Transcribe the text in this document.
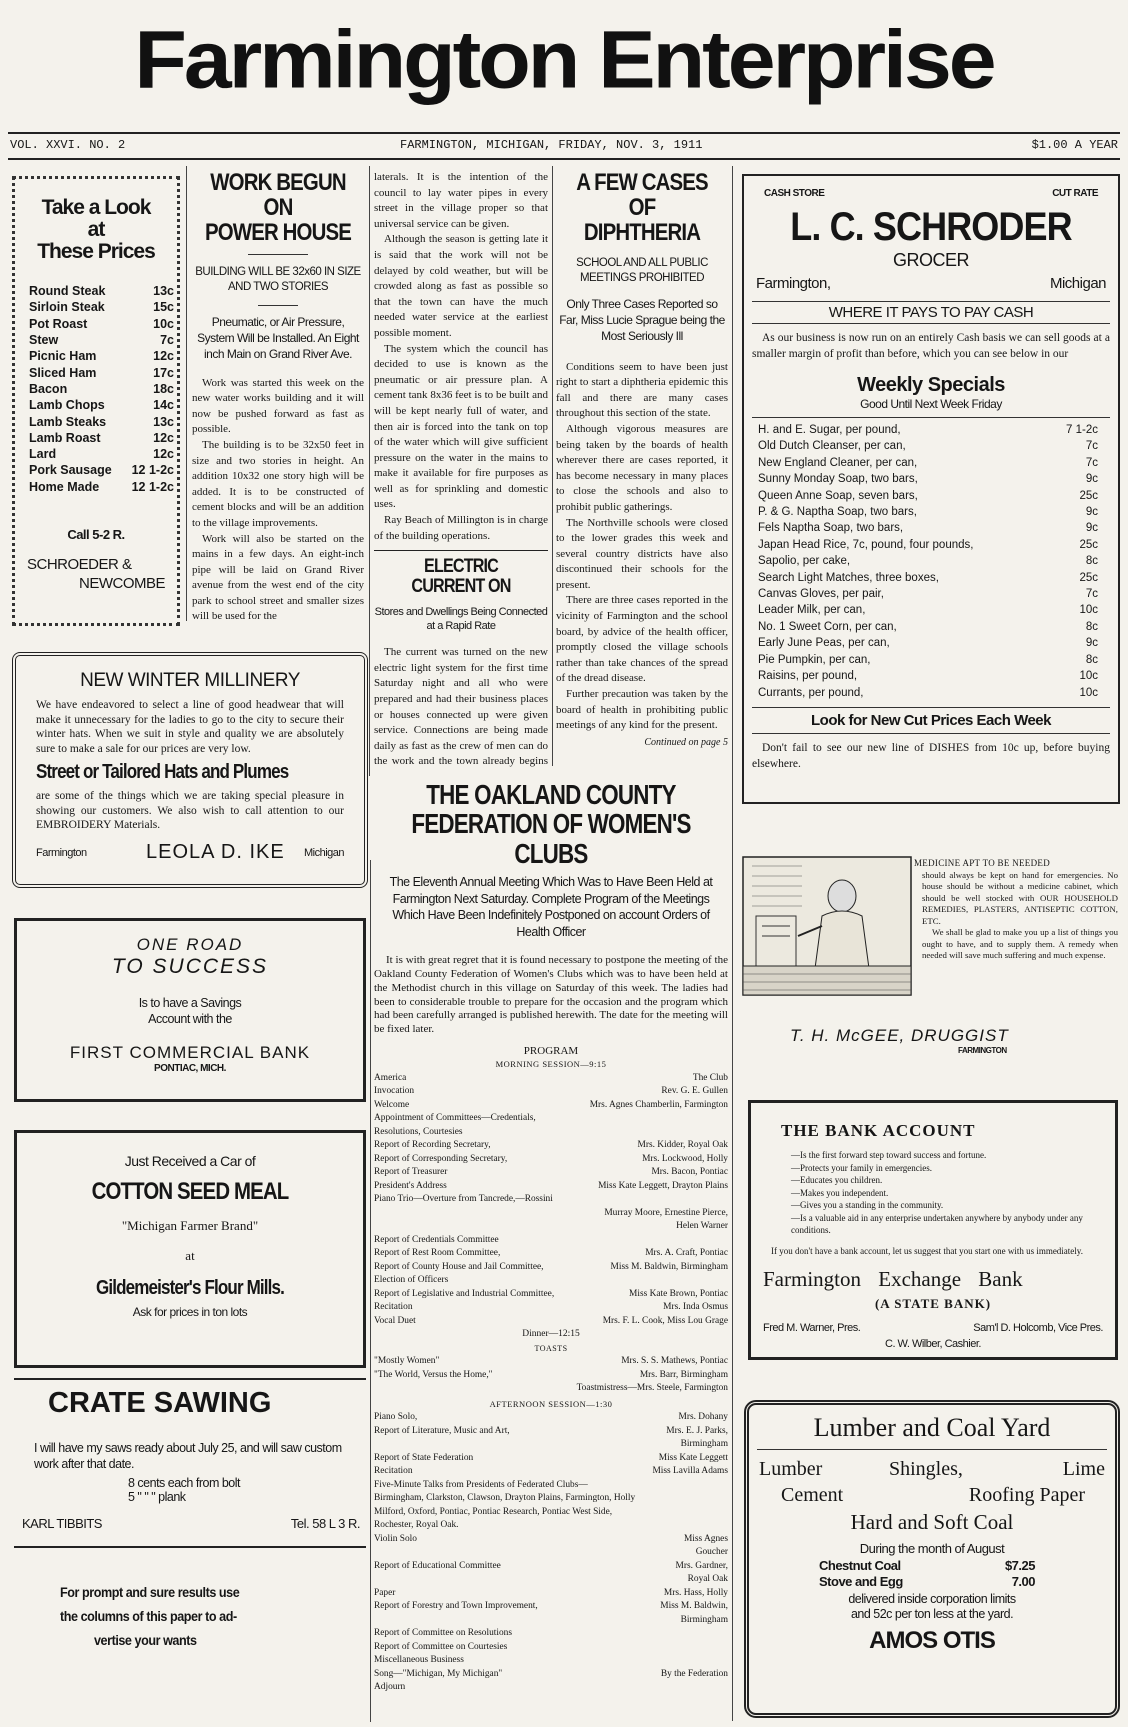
Farmington Enterprise
VOL. XXVI. NO. 2	FARMINGTON, MICHIGAN, FRIDAY, NOV. 3, 1911	$1.00 A YEAR
Take a Look
at
These Prices
Round Steak	13c
Sirloin Steak	15c
Pot Roast	10c
Stew	7c
Picnic Ham	12c
Sliced Ham	17c
Bacon	18c
Lamb Chops	14c
Lamb Steaks	13c
Lamb Roast	12c
Lard	12c
Pork Sausage	12 1-2c
Home Made	12 1-2c
Call 5-2 R.
SCHROEDER &
NEWCOMBE
WORK BEGUN ON
POWER HOUSE
BUILDING WILL BE 32x60 IN SIZE AND TWO STORIES
Pneumatic, or Air Pressure, System Will be Installed. An Eight inch Main on Grand River Ave.
Work was started this week on the new water works building and it will now be pushed forward as fast as possible.
The building is to be 32x50 feet in size and two stories in height. An addition 10x32 one story high will be added. It is to be constructed of cement blocks and will be an addition to the village improvements.
Work will also be started on the mains in a few days. An eight-inch pipe will be laid on Grand River avenue from the west end of the city park to school street and smaller sizes will be used for the
laterals. It is the intention of the council to lay water pipes in every street in the village proper so that universal service can be given.
Although the season is getting late it is said that the work will not be delayed by cold weather, but will be crowded along as fast as possible so that the town can have the much needed water service at the earliest possible moment.
The system which the council has decided to use is known as the pneumatic or air pressure plan. A cement tank 8x36 feet is to be built and will be kept nearly full of water, and then air is forced into the tank on top of the water which will give sufficient pressure on the water in the mains to make it available for fire purposes as well as for sprinkling and domestic uses.
Ray Beach of Millington is in charge of the building operations.
ELECTRIC CURRENT ON
Stores and Dwellings Being Connected at a Rapid Rate
The current was turned on the new electric light system for the first time Saturday night and all who were prepared and had their business places or houses connected up were given service. Connections are being made daily as fast as the crew of men can do the work and the town already begins
A FEW CASES
OF DIPHTHERIA
SCHOOL AND ALL PUBLIC MEETINGS PROHIBITED
Only Three Cases Reported so Far, Miss Lucie Sprague being the Most Seriously Ill
Conditions seem to have been just right to start a diphtheria epidemic this fall and there are many cases throughout this section of the state.
Although vigorous measures are being taken by the boards of health wherever there are cases reported, it has become necessary in many places to close the schools and also to prohibit public gatherings.
The Northville schools were closed to the lower grades this week and several country districts have also discontinued their schools for the present.
There are three cases reported in the vicinity of Farmington and the school board, by advice of the health officer, promptly closed the village schools rather than take chances of the spread of the dread disease.
Further precaution was taken by the board of health in prohibiting public meetings of any kind for the present.
Continued on page 5
CASH STORE	CUT RATE
L. C. SCHRODER
GROCER
Farmington,	Michigan
WHERE IT PAYS TO PAY CASH
As our business is now run on an entirely Cash basis we can sell goods at a smaller margin of profit than before, which you can see below in our
Weekly Specials
Good Until Next Week Friday
H. and E. Sugar, per pound,	7 1-2c
Old Dutch Cleanser, per can,	7c
New England Cleaner, per can,	7c
Sunny Monday Soap, two bars,	9c
Queen Anne Soap, seven bars,	25c
P. & G. Naptha Soap, two bars,	9c
Fels Naptha Soap, two bars,	9c
Japan Head Rice, 7c, pound, four pounds,	25c
Sapolio, per cake,	8c
Search Light Matches, three boxes,	25c
Canvas Gloves, per pair,	7c
Leader Milk, per can,	10c
No. 1 Sweet Corn, per can,	8c
Early June Peas, per can,	9c
Pie Pumpkin, per can,	8c
Raisins, per pound,	10c
Currants, per pound,	10c
Look for New Cut Prices Each Week
Don't fail to see our new line of DISHES from 10c up, before buying elsewhere.
NEW WINTER MILLINERY
We have endeavored to select a line of good headwear that will make it unnecessary for the ladies to go to the city to secure their winter hats. When we suit in style and quality we are absolutely sure to make a sale for our prices are very low.
Street or Tailored Hats and Plumes
are some of the things which we are taking special pleasure in showing our customers. We also wish to call attention to our EMBROIDERY Materials.
Farmington	LEOLA D. IKE Michigan
THE OAKLAND COUNTY
FEDERATION OF WOMEN'S CLUBS
The Eleventh Annual Meeting Which Was to Have Been Held at Farmington Next Saturday. Complete Program of the Meetings Which Have Been Indefinitely Postponed on account Orders of Health Officer
It is with great regret that it is found necessary to postpone the meeting of the Oakland County Federation of Women's Clubs which was to have been held at the Methodist church in this village on Saturday of this week. The ladies had been to considerable trouble to prepare for the occasion and the program which had been carefully arranged is published herewith. The date for the meeting will be fixed later.
PROGRAM
MORNING SESSION—9:15
America	The Club
Invocation	Rev. G. E. Gullen
Welcome	Mrs. Agnes Chamberlin, Farmington
Appointment of Committees—Credentials, Resolutions, Courtesies	
Report of Recording Secretary,	Mrs. Kidder, Royal Oak
Report of Corresponding Secretary,	Mrs. Lockwood, Holly
Report of Treasurer	Mrs. Bacon, Pontiac
President's Address	Miss Kate Leggett, Drayton Plains
Piano Trio—Overture from Tancrede,—Rossini	
	Murray Moore, Ernestine Pierce, Helen Warner
Report of Credentials Committee	
Report of Rest Room Committee,	Mrs. A. Craft, Pontiac
Report of County House and Jail Committee,	Miss M. Baldwin, Birmingham
Election of Officers	
Report of Legislative and Industrial Committee,	Miss Kate Brown, Pontiac
Recitation	Mrs. Inda Osmus
Vocal Duet	Mrs. F. L. Cook, Miss Lou Grage
Dinner—12:15
TOASTS
"Mostly Women"	Mrs. S. S. Mathews, Pontiac
"The World, Versus the Home,"	Mrs. Barr, Birmingham
	Toastmistress—Mrs. Steele, Farmington
AFTERNOON SESSION—1:30
Piano Solo,	Mrs. Dohany
Report of Literature, Music and Art,	Mrs. E. J. Parks, Birmingham
Report of State Federation	Miss Kate Leggett
Recitation	Miss Lavilla Adams
Five-Minute Talks from Presidents of Federated Clubs—	
Birmingham, Clarkston, Clawson, Drayton Plains, Farmington, Holly Milford, Oxford, Pontiac, Pontiac Research, Pontiac West Side, Rochester, Royal Oak.	
Violin Solo	Miss Agnes Goucher
Report of Educational Committee	Mrs. Gardner, Royal Oak
Paper	Mrs. Hass, Holly
Report of Forestry and Town Improvement,	Miss M. Baldwin, Birmingham
Report of Committee on Resolutions	
Report of Committee on Courtesies	
Miscellaneous Business	
Song—"Michigan, My Michigan"	By the Federation
Adjourn	
ONE ROAD
TO SUCCESS
Is to have a Savings Account with the
FIRST COMMERCIAL BANK
PONTIAC, MICH.
Just Received a Car of
COTTON SEED MEAL
"Michigan Farmer Brand"
at
Gildemeister's Flour Mills.
Ask for prices in ton lots
CRATE SAWING
I will have my saws ready about July 25, and will saw custom work after that date.
8 cents each from bolt
5 " " " plank
KARL TIBBITS	Tel. 58 L 3 R.
For prompt and sure results use
the columns of this paper to ad-
vertise your wants
MEDICINE APT TO BE NEEDED
should always be kept on hand for emergencies. No house should be without a medicine cabinet, which should be well stocked with OUR HOUSEHOLD REMEDIES, PLASTERS, ANTISEPTIC COTTON, ETC.
We shall be glad to make you up a list of things you ought to have, and to supply them. A remedy when needed will save much suffering and much expense.
T. H. McGEE, DRUGGIST
FARMINGTON
THE BANK ACCOUNT
—Is the first forward step toward success and fortune.
—Protects your family in emergencies.
—Educates you children.
—Makes you independent.
—Gives you a standing in the community.
—Is a valuable aid in any enterprise undertaken anywhere by anybody under any conditions.
If you don't have a bank account, let us suggest that you start one with us immediately.
Farmington Exchange Bank
(A STATE BANK)
Fred M. Warner, Pres.	Sam'l D. Holcomb, Vice Pres.
C. W. Wilber, Cashier.
Lumber and Coal Yard
Lumber	Shingles,	Lime
Cement	Roofing Paper
Hard and Soft Coal
During the month of August
Chestnut Coal	$7.25
Stove and Egg	7.00
delivered inside corporation limits and 52c per ton less at the yard.
AMOS OTIS
